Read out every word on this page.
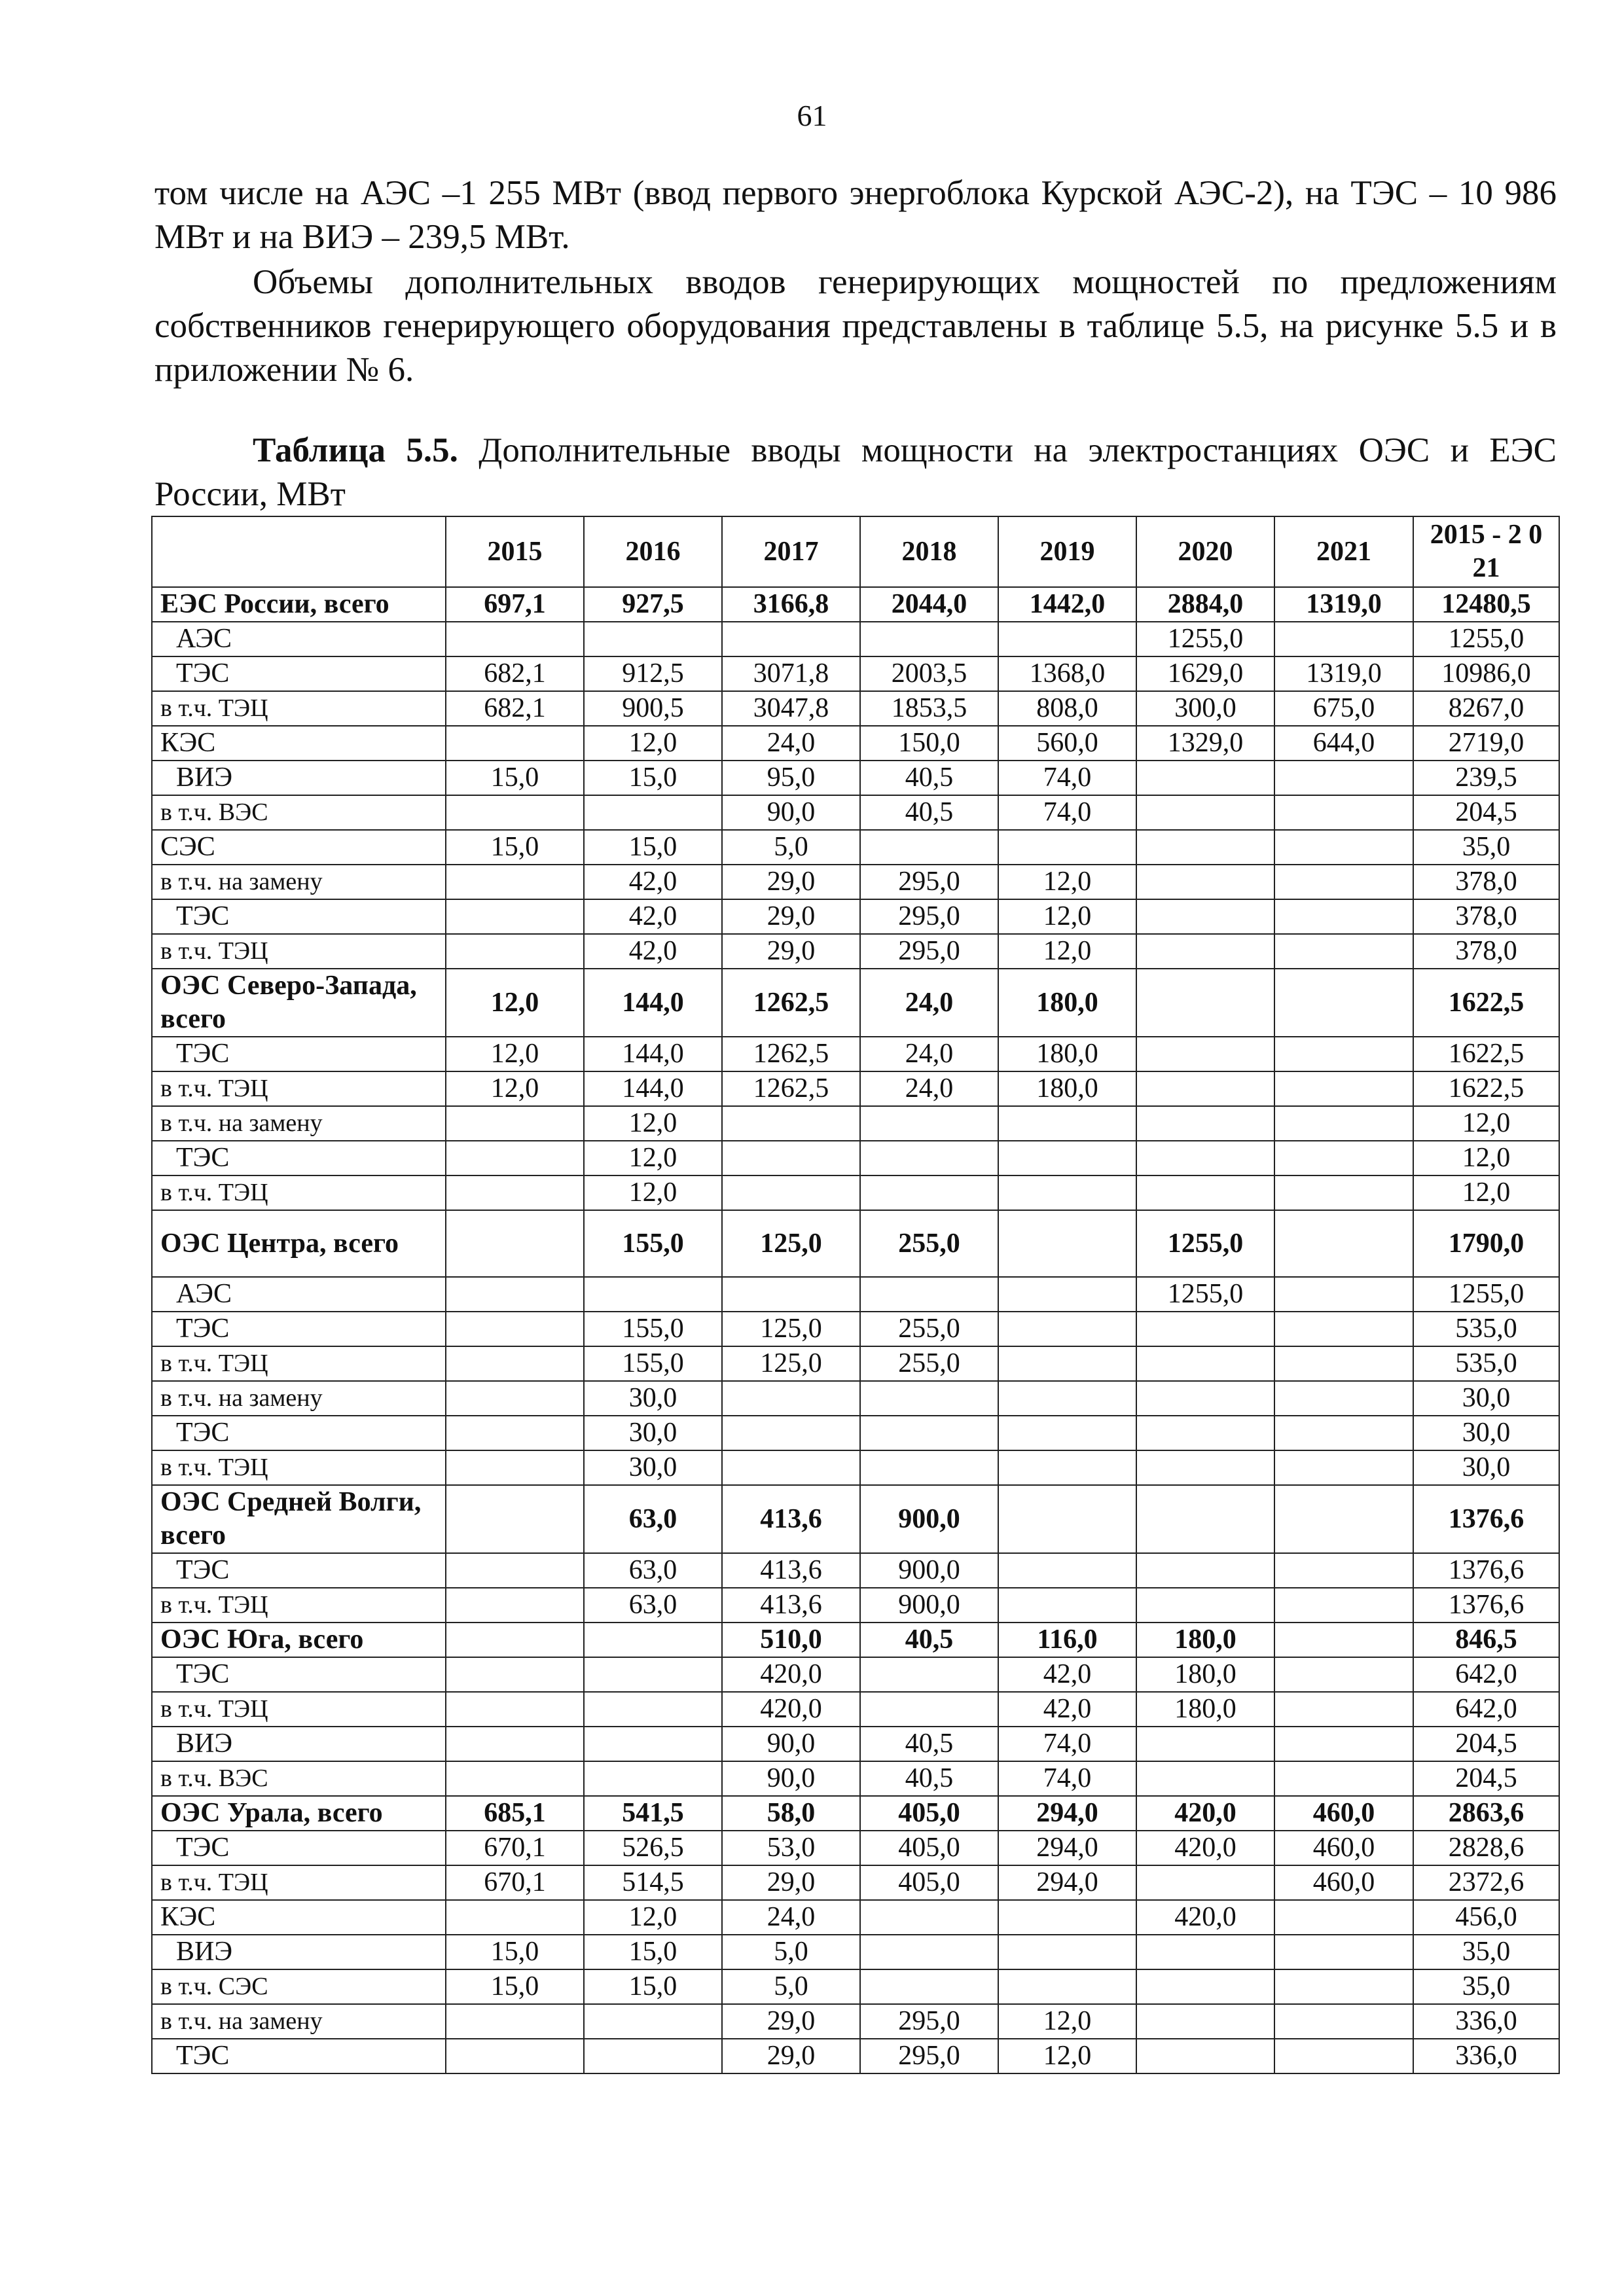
61

том числе на АЭС –1 255 МВт (ввод первого энергоблока Курской АЭС-2), на ТЭС – 10 986 МВт и на ВИЭ – 239,5 МВт.

Объемы дополнительных вводов генерирующих мощностей по предложениям собственников генерирующего оборудования представлены в таблице 5.5, на рисунке 5.5 и в приложении № 6.

Таблица 5.5. Дополнительные вводы мощности на электростанциях ОЭС и ЕЭС России, МВт

	2015	2016	2017	2018	2019	2020	2021	2015 - 2 021
ЕЭС России, всего	697,1	927,5	3166,8	2044,0	1442,0	2884,0	1319,0	12480,5
АЭС						1255,0		1255,0
ТЭС	682,1	912,5	3071,8	2003,5	1368,0	1629,0	1319,0	10986,0
в т.ч. ТЭЦ	682,1	900,5	3047,8	1853,5	808,0	300,0	675,0	8267,0
КЭС		12,0	24,0	150,0	560,0	1329,0	644,0	2719,0
ВИЭ	15,0	15,0	95,0	40,5	74,0			239,5
в т.ч. ВЭС			90,0	40,5	74,0			204,5
СЭС	15,0	15,0	5,0					35,0
в т.ч. на замену		42,0	29,0	295,0	12,0			378,0
ТЭС		42,0	29,0	295,0	12,0			378,0
в т.ч. ТЭЦ		42,0	29,0	295,0	12,0			378,0
ОЭС Северо-Запада, всего	12,0	144,0	1262,5	24,0	180,0			1622,5
ТЭС	12,0	144,0	1262,5	24,0	180,0			1622,5
в т.ч. ТЭЦ	12,0	144,0	1262,5	24,0	180,0			1622,5
в т.ч. на замену		12,0						12,0
ТЭС		12,0						12,0
в т.ч. ТЭЦ		12,0						12,0
ОЭС Центра, всего		155,0	125,0	255,0		1255,0		1790,0
АЭС						1255,0		1255,0
ТЭС		155,0	125,0	255,0				535,0
в т.ч. ТЭЦ		155,0	125,0	255,0				535,0
в т.ч. на замену		30,0						30,0
ТЭС		30,0						30,0
в т.ч. ТЭЦ		30,0						30,0
ОЭС Средней Волги, всего		63,0	413,6	900,0				1376,6
ТЭС		63,0	413,6	900,0				1376,6
в т.ч. ТЭЦ		63,0	413,6	900,0				1376,6
ОЭС Юга, всего			510,0	40,5	116,0	180,0		846,5
ТЭС			420,0		42,0	180,0		642,0
в т.ч. ТЭЦ			420,0		42,0	180,0		642,0
ВИЭ			90,0	40,5	74,0			204,5
в т.ч. ВЭС			90,0	40,5	74,0			204,5
ОЭС Урала, всего	685,1	541,5	58,0	405,0	294,0	420,0	460,0	2863,6
ТЭС	670,1	526,5	53,0	405,0	294,0	420,0	460,0	2828,6
в т.ч. ТЭЦ	670,1	514,5	29,0	405,0	294,0		460,0	2372,6
КЭС		12,0	24,0			420,0		456,0
ВИЭ	15,0	15,0	5,0					35,0
в т.ч. СЭС	15,0	15,0	5,0					35,0
в т.ч. на замену			29,0	295,0	12,0			336,0
ТЭС			29,0	295,0	12,0			336,0
